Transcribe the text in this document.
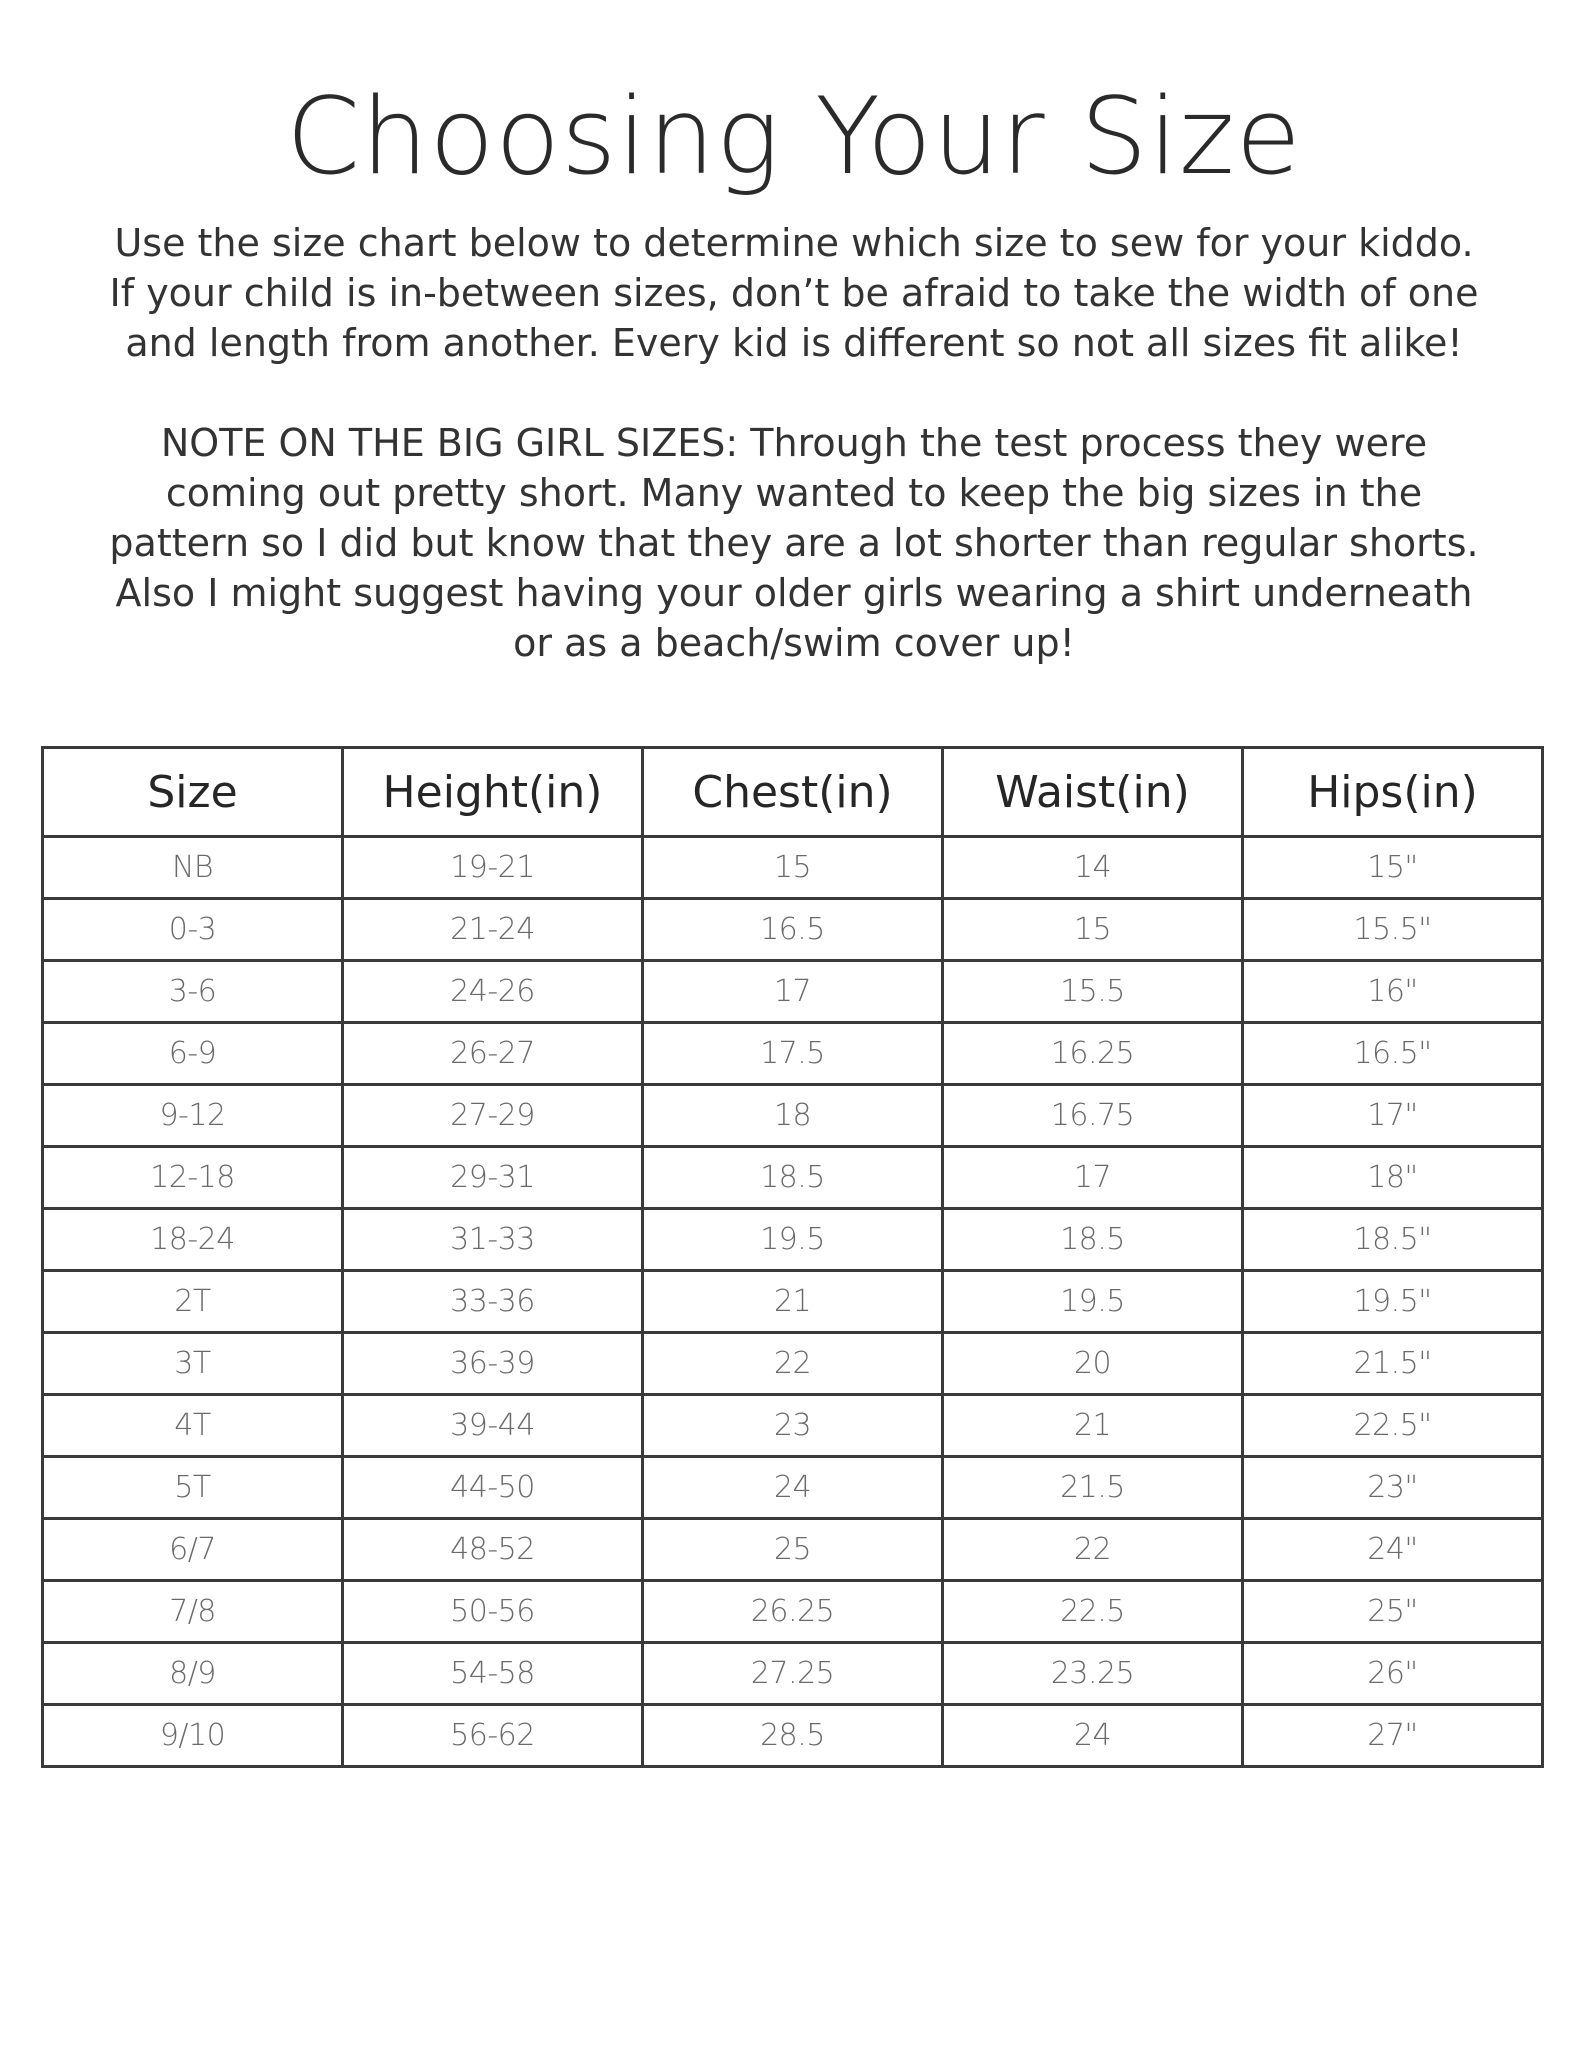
Choosing Your Size

Use the size chart below to determine which size to sew for your kiddo.
If your child is in-between sizes, don’t be afraid to take the width of one
and length from another. Every kid is different so not all sizes fit alike!

NOTE ON THE BIG GIRL SIZES: Through the test process they were
coming out pretty short. Many wanted to keep the big sizes in the
pattern so I did but know that they are a lot shorter than regular shorts.
Also I might suggest having your older girls wearing a shirt underneath
or as a beach/swim cover up!

Size	Height(in)	Chest(in)	Waist(in)	Hips(in)
NB	19-21	15	14	15"
0-3	21-24	16.5	15	15.5"
3-6	24-26	17	15.5	16"
6-9	26-27	17.5	16.25	16.5"
9-12	27-29	18	16.75	17"
12-18	29-31	18.5	17	18"
18-24	31-33	19.5	18.5	18.5"
2T	33-36	21	19.5	19.5"
3T	36-39	22	20	21.5"
4T	39-44	23	21	22.5"
5T	44-50	24	21.5	23"
6/7	48-52	25	22	24"
7/8	50-56	26.25	22.5	25"
8/9	54-58	27.25	23.25	26"
9/10	56-62	28.5	24	27"
